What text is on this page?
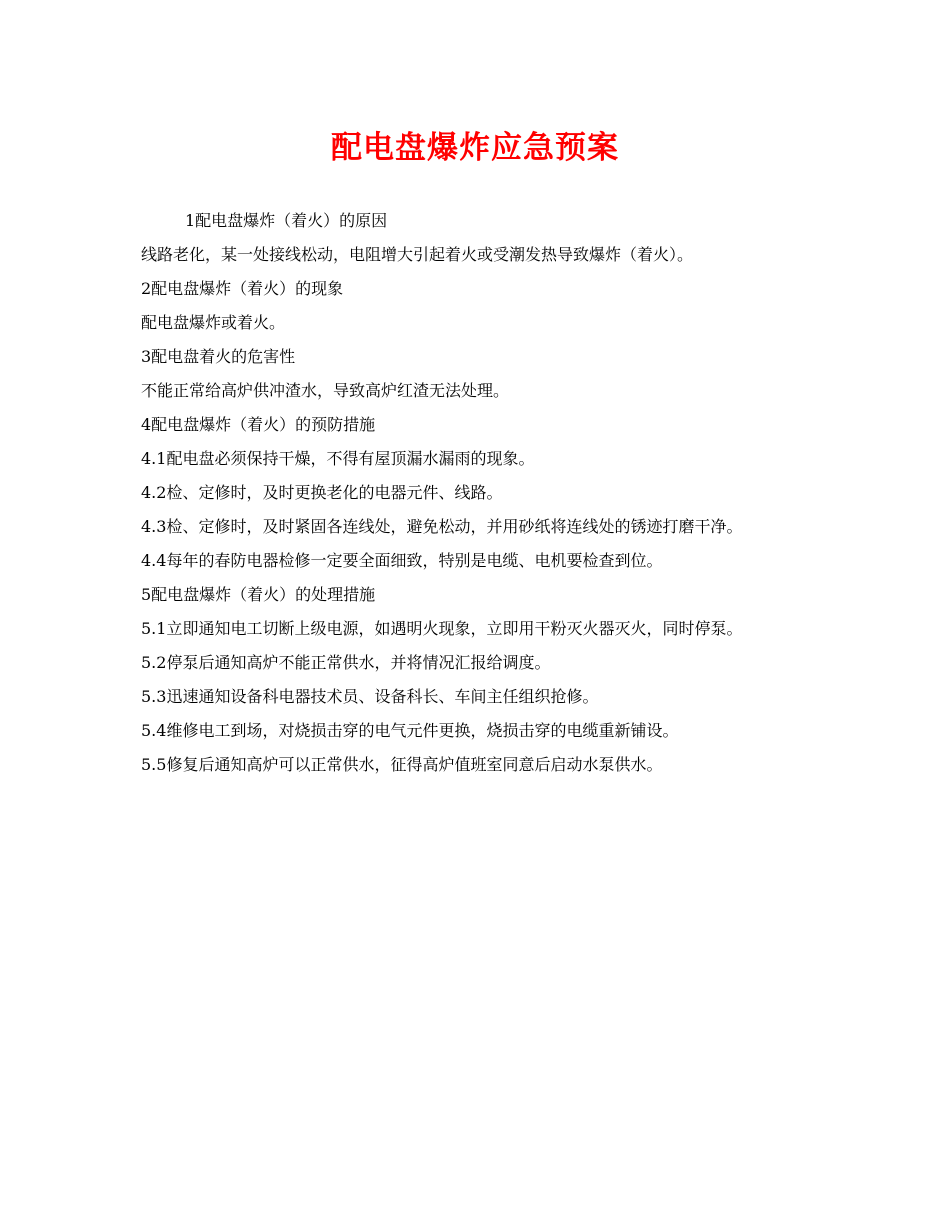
配电盘爆炸应急预案

1配电盘爆炸（着火）的原因

线路老化，某一处接线松动，电阻增大引起着火或受潮发热导致爆炸（着火）。

2配电盘爆炸（着火）的现象

配电盘爆炸或着火。

3配电盘着火的危害性

不能正常给高炉供冲渣水，导致高炉红渣无法处理。

4配电盘爆炸（着火）的预防措施

4.1配电盘必须保持干燥，不得有屋顶漏水漏雨的现象。

4.2检、定修时，及时更换老化的电器元件、线路。

4.3检、定修时，及时紧固各连线处，避免松动，并用砂纸将连线处的锈迹打磨干净。

4.4每年的春防电器检修一定要全面细致，特别是电缆、电机要检查到位。

5配电盘爆炸（着火）的处理措施

5.1立即通知电工切断上级电源，如遇明火现象，立即用干粉灭火器灭火，同时停泵。

5.2停泵后通知高炉不能正常供水，并将情况汇报给调度。

5.3迅速通知设备科电器技术员、设备科长、车间主任组织抢修。

5.4维修电工到场，对烧损击穿的电气元件更换，烧损击穿的电缆重新铺设。

5.5修复后通知高炉可以正常供水，征得高炉值班室同意后启动水泵供水。
